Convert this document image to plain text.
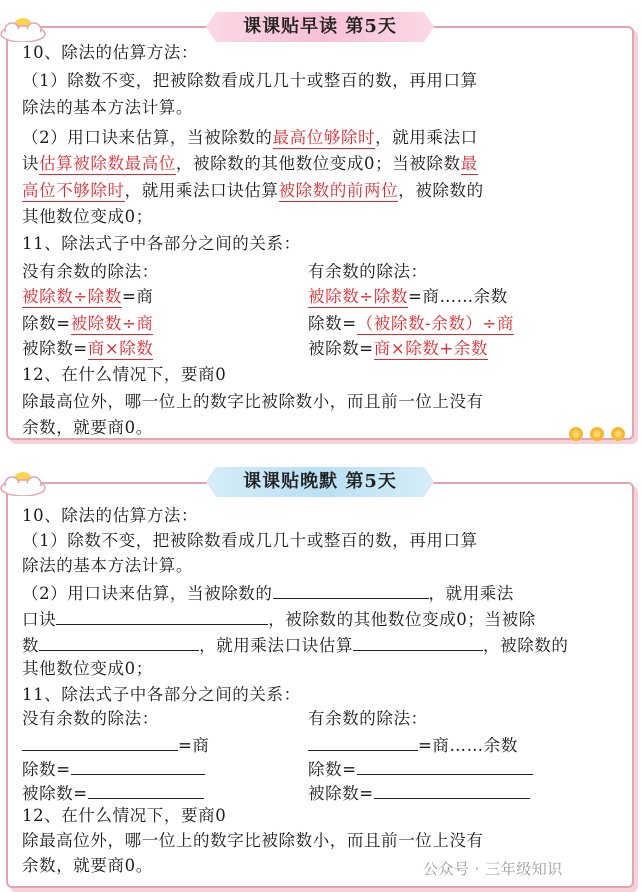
课课贴早读 第5天
10、除法的估算方法：
（1）除数不变，把被除数看成几几十或整百的数，再用口算
除法的基本方法计算。
（2）用口诀来估算，当被除数的最高位够除时，就用乘法口
诀估算被除数最高位，被除数的其他数位变成0；当被除数最
高位不够除时，就用乘法口诀估算被除数的前两位，被除数的
其他数位变成0；
11、除法式子中各部分之间的关系：
没有余数的除法：	有余数的除法：
被除数÷除数=商	被除数÷除数=商……余数
除数=被除数÷商	除数=（被除数-余数）÷商
被除数=商×除数	被除数=商×除数+余数
12、在什么情况下，要商0
除最高位外，哪一位上的数字比被除数小，而且前一位上没有
余数，就要商0。
课课贴晚默 第5天
10、除法的估算方法：
（1）除数不变，把被除数看成几几十或整百的数，再用口算
除法的基本方法计算。
（2）用口诀来估算，当被除数的	，就用乘法
口诀	，被除数的其他数位变成0；当被除
数	，就用乘法口诀估算	，被除数的
其他数位变成0；
11、除法式子中各部分之间的关系：
没有余数的除法：	有余数的除法：
=商	=商……余数
除数=	除数=
被除数=	被除数=
12、在什么情况下，要商0
除最高位外，哪一位上的数字比被除数小，而且前一位上没有
余数，就要商0。	公众号 · 三年级知识
